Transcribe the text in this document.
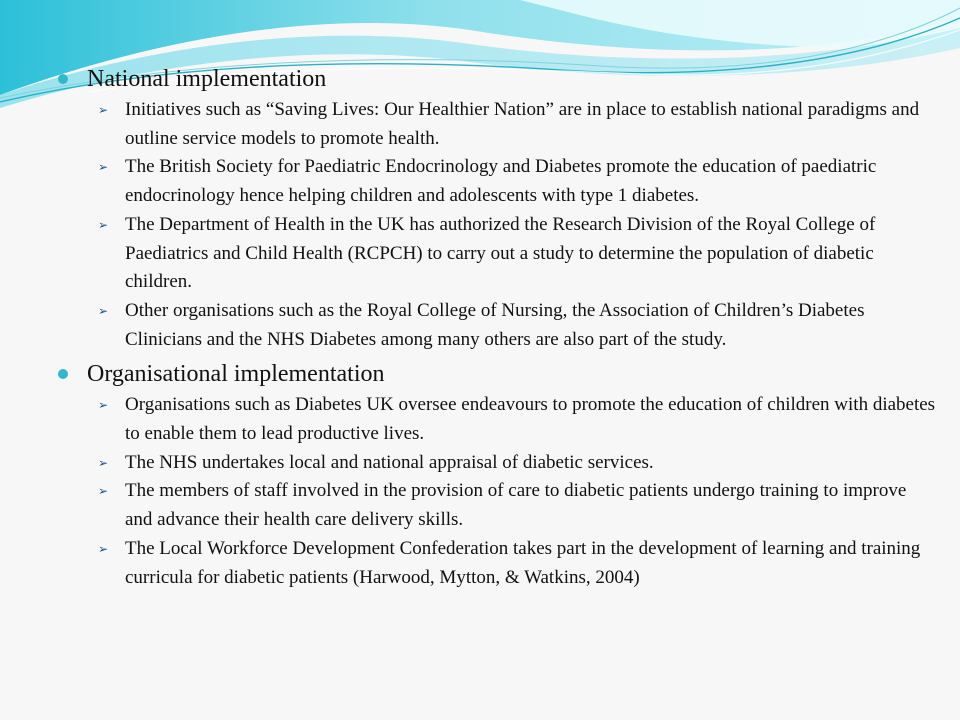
National implementation

➢ Initiatives such as “Saving Lives: Our Healthier Nation” are in place to establish national paradigms and outline service models to promote health.
➢ The British Society for Paediatric Endocrinology and Diabetes promote the education of paediatric endocrinology hence helping children and adolescents with type 1 diabetes.
➢ The Department of Health in the UK has authorized the Research Division of the Royal College of Paediatrics and Child Health (RCPCH) to carry out a study to determine the population of diabetic children.
➢ Other organisations such as the Royal College of Nursing, the Association of Children’s Diabetes Clinicians and the NHS Diabetes among many others are also part of the study.

Organisational implementation

➢ Organisations such as Diabetes UK oversee endeavours to promote the education of children with diabetes to enable them to lead productive lives.
➢ The NHS undertakes local and national appraisal of diabetic services.
➢ The members of staff involved in the provision of care to diabetic patients undergo training to improve and advance their health care delivery skills.
➢ The Local Workforce Development Confederation takes part in the development of learning and training curricula for diabetic patients (Harwood, Mytton, & Watkins, 2004)
